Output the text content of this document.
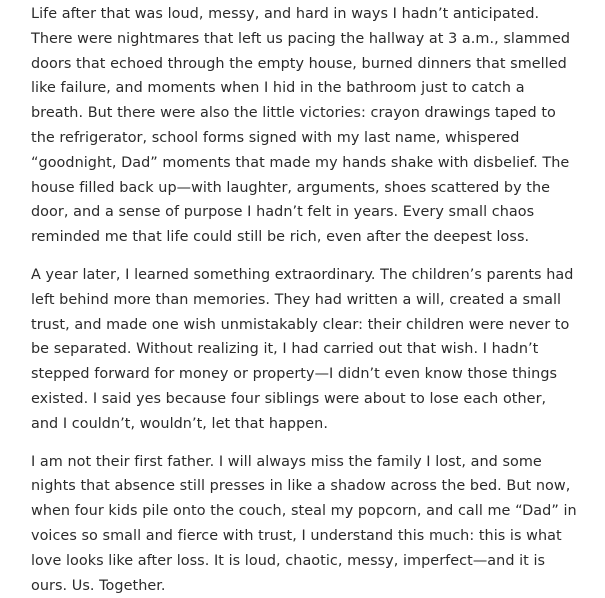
Life after that was loud, messy, and hard in ways I hadn’t anticipated. There were nightmares that left us pacing the hallway at 3 a.m., slammed doors that echoed through the empty house, burned dinners that smelled like failure, and moments when I hid in the bathroom just to catch a breath. But there were also the little victories: crayon drawings taped to the refrigerator, school forms signed with my last name, whispered “goodnight, Dad” moments that made my hands shake with disbelief. The house filled back up—with laughter, arguments, shoes scattered by the door, and a sense of purpose I hadn’t felt in years. Every small chaos reminded me that life could still be rich, even after the deepest loss.

A year later, I learned something extraordinary. The children’s parents had left behind more than memories. They had written a will, created a small trust, and made one wish unmistakably clear: their children were never to be separated. Without realizing it, I had carried out that wish. I hadn’t stepped forward for money or property—I didn’t even know those things existed. I said yes because four siblings were about to lose each other, and I couldn’t, wouldn’t, let that happen.

I am not their first father. I will always miss the family I lost, and some nights that absence still presses in like a shadow across the bed. But now, when four kids pile onto the couch, steal my popcorn, and call me “Dad” in voices so small and fierce with trust, I understand this much: this is what love looks like after loss. It is loud, chaotic, messy, imperfect—and it is ours. Us. Together.
